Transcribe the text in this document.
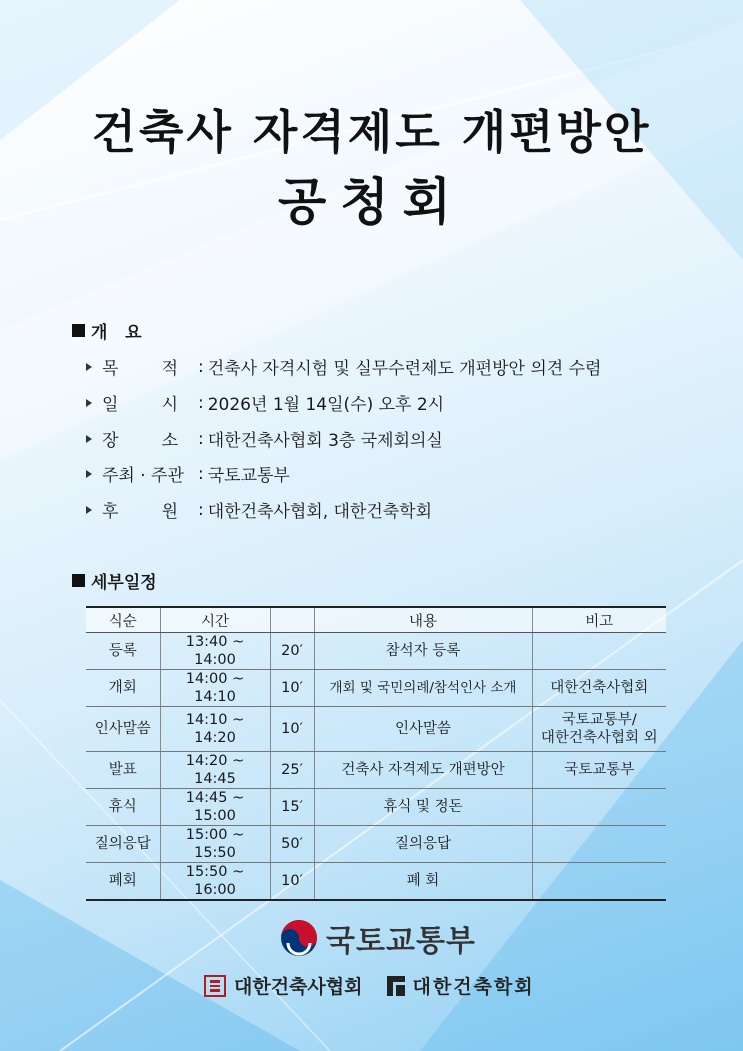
건축사 자격제도 개편방안
공청회
개   요
목        적	: 건축사 자격시험 및 실무수련제도 개편방안 의견 수렴
일        시	: 2026년 1월 14일(수) 오후 2시
장        소	: 대한건축사협회 3층 국제회의실
주최 · 주관 : 국토교통부
후        원	: 대한건축사협회, 대한건축학회
세부일정
식순	시간		내용	비고
등록	13:40 ~ 14:00	20′	참석자 등록	
개회	14:00 ~ 14:10	10′	개회 및 국민의례/참석인사 소개	대한건축사협회
인사말씀	14:10 ~ 14:20	10′	인사말씀	국토교통부/
대한건축사협회 외

발표	14:20 ~ 14:45	25′	건축사 자격제도 개편방안	국토교통부
휴식	14:45 ~ 15:00	15′	휴식 및 정돈	
질의응답	15:00 ~ 15:50	50′	질의응답	
폐회	15:50 ~ 16:00	10′	폐 회	
국토교통부
대한건축사협회	대한건축학회
